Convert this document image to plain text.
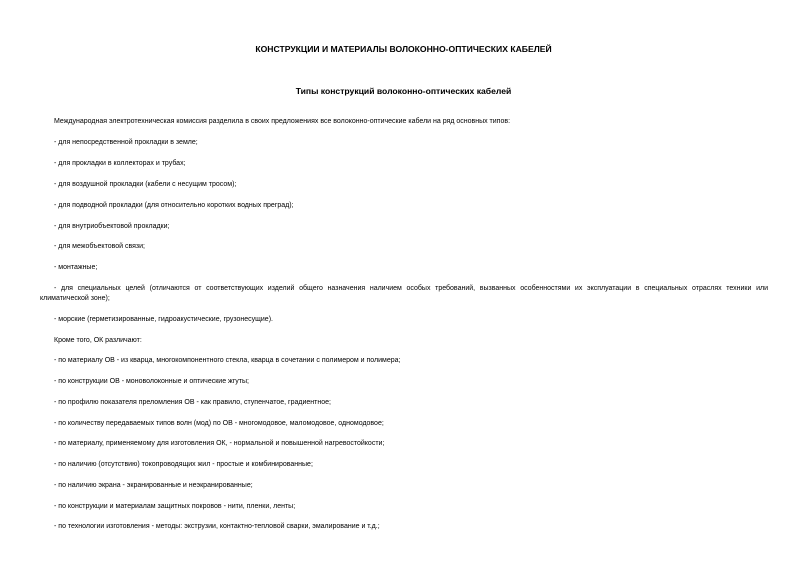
КОНСТРУКЦИИ И МАТЕРИАЛЫ ВОЛОКОННО-ОПТИЧЕСКИХ КАБЕЛЕЙ
Типы конструкций волоконно-оптических кабелей
Международная электротехническая комиссия разделила в своих предложениях все волоконно-оптические кабели на ряд основных типов:
- для непосредственной прокладки в земле;
- для прокладки в коллекторах и трубах;
- для воздушной прокладки (кабели с несущим тросом);
- для подводной прокладки (для относительно коротких водных преград);
- для внутриобъектовой прокладки;
- для межобъектовой связи;
- монтажные;
- для специальных целей (отличаются от соответствующих изделий общего назначения наличием особых требований, вызванных особенностями их эксплуатации в специальных отраслях техники или
климатической зоне);
- морские (герметизированные, гидроакустические, грузонесущие).
Кроме того, ОК различают:
- по материалу ОВ - из кварца, многокомпонентного стекла, кварца в сочетании с полимером и полимера;
- по конструкции ОВ - моноволоконные и оптические жгуты;
- по профилю показателя преломления ОВ - как правило, ступенчатое, градиентное;
- по количеству передаваемых типов волн (мод) по ОВ - многомодовое, маломодовое, одномодовое;
- по материалу, применяемому для изготовления ОК, - нормальной и повышенной нагревостойкости;
- по наличию (отсутствию) токопроводящих жил - простые и комбинированные;
- по наличию экрана - экранированные и неэкранированные;
- по конструкции и материалам защитных покровов - нити, пленки, ленты;
- по технологии изготовления - методы: экструзии, контактно-тепловой сварки, эмалирование и т.д.;
